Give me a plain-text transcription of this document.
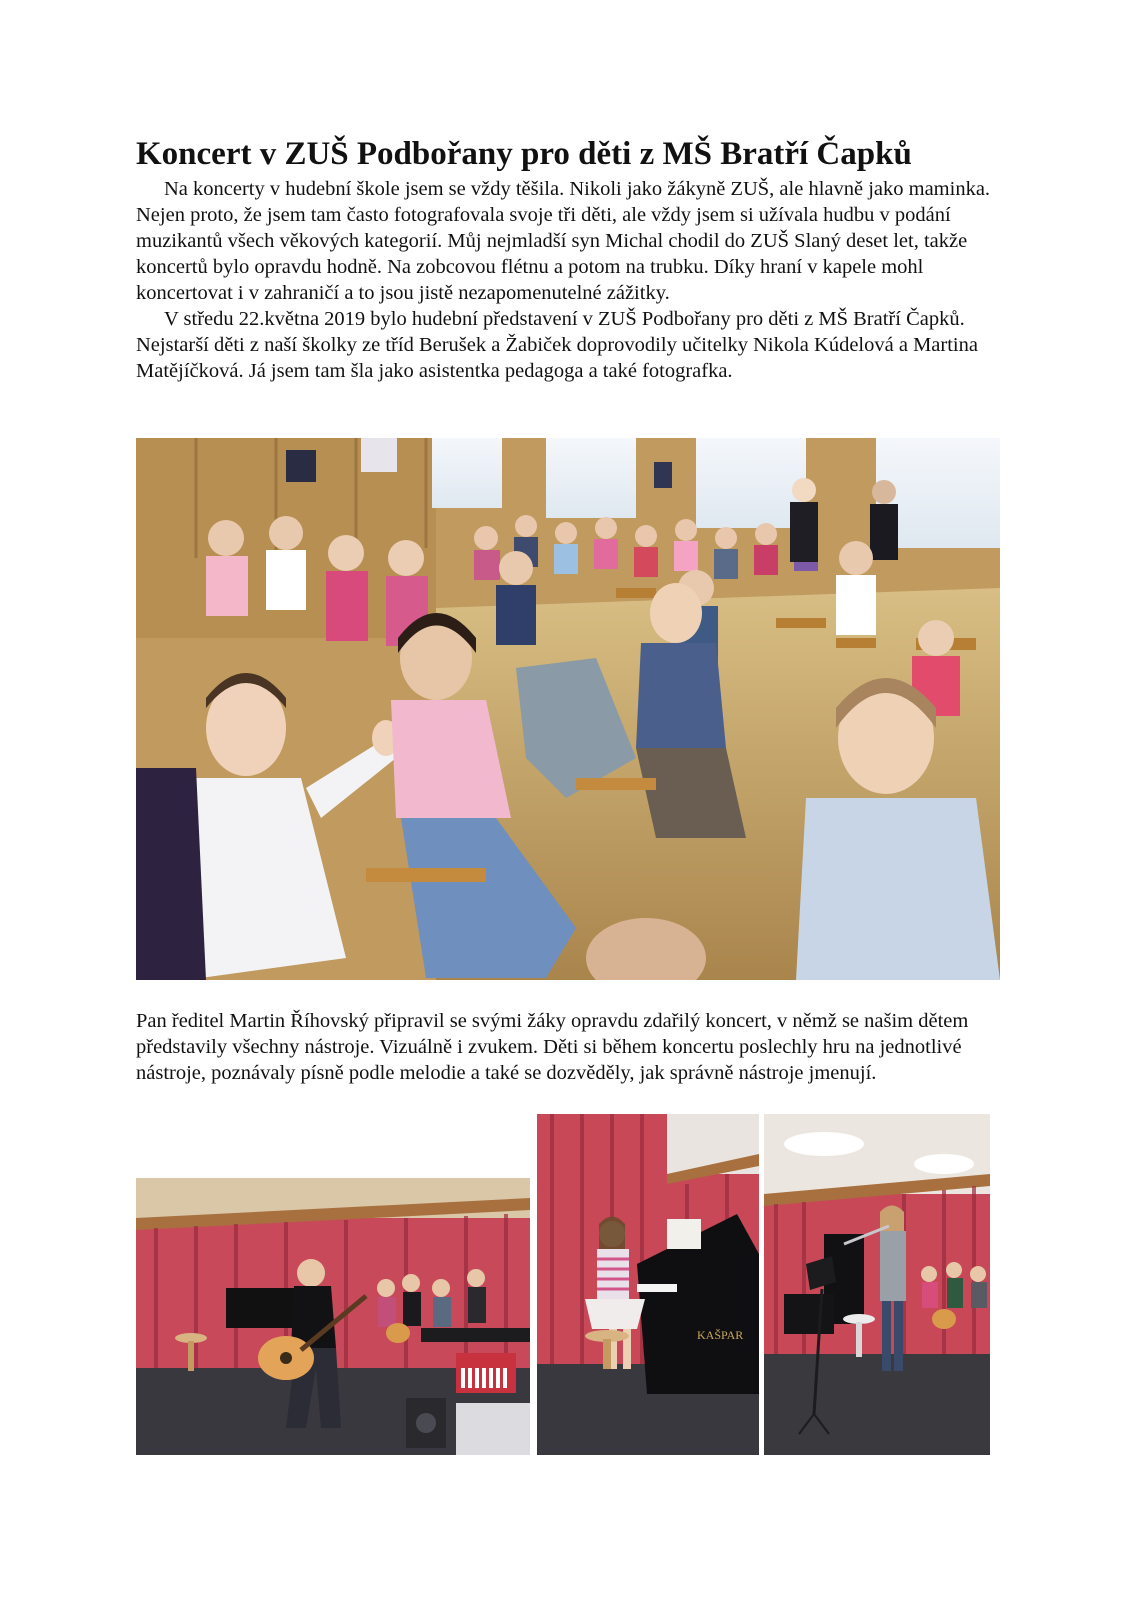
Koncert v ZUŠ Podbořany pro děti z MŠ Bratří Čapků

Na koncerty v hudební škole jsem se vždy těšila. Nikoli jako žákyně ZUŠ, ale hlavně jako maminka. Nejen proto, že jsem tam často fotografovala svoje tři děti, ale vždy jsem si užívala hudbu v podání muzikantů všech věkových kategorií. Můj nejmladší syn Michal chodil do ZUŠ Slaný deset let, takže koncertů bylo opravdu hodně. Na zobcovou flétnu a potom na trubku. Díky hraní v kapele mohl koncertovat i v zahraničí a to jsou jistě nezapomenutelné zážitky.

V středu 22.května 2019 bylo hudební představení v ZUŠ Podbořany pro děti z MŠ Bratří Čapků. Nejstarší děti z naší školky ze tříd Berušek a Žabiček doprovodily učitelky Nikola Kúdelová a Martina Matějíčková. Já jsem tam šla jako asistentka pedagoga a také fotografka.

Pan ředitel Martin Říhovský připravil se svými žáky opravdu zdařilý koncert, v němž se našim dětem představily všechny nástroje. Vizuálně i zvukem. Děti si během koncertu poslechly hru na jednotlivé nástroje, poznávaly písně podle melodie a také se dozvěděly, jak správně nástroje jmenují.

KAŠPAR
